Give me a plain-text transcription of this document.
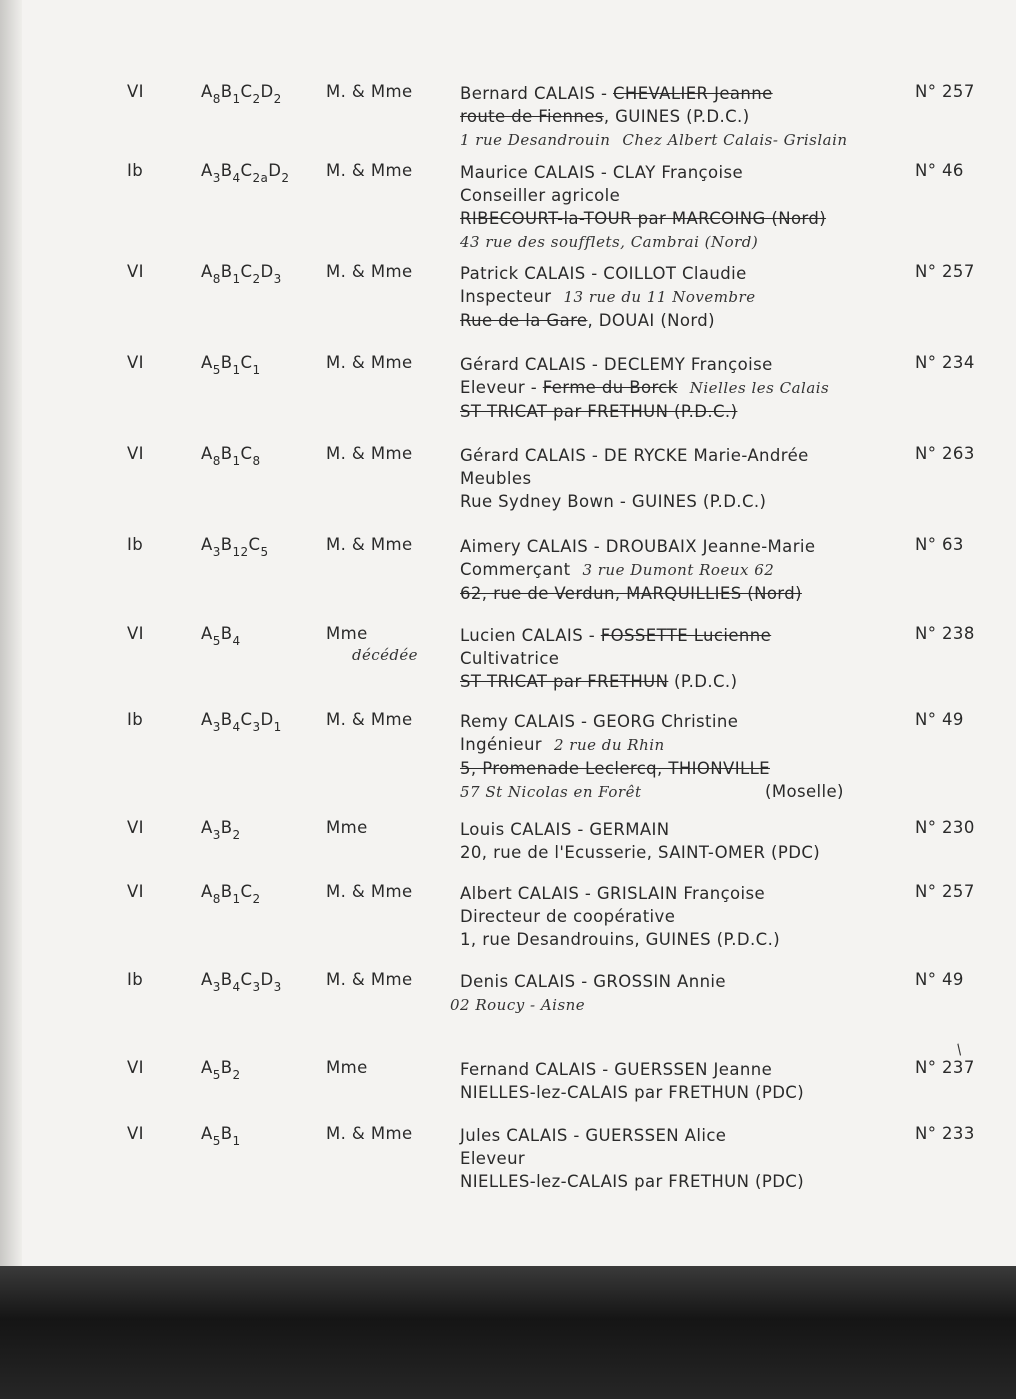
VI	$A_8B_1C_2D_2$	M. & Mme	Bernard CALAIS - CHEVALIER Jeanne
route de Fiennes, GUINES (P.D.C.)
1 rue Desandrouin Chez Albert Calais- Grislain
N° 257
Ib	$A_3B_4C_{2a}D_2$ M. & Mme	Maurice CALAIS - CLAY Françoise
Conseiller agricole
RIBECOURT-la-TOUR par MARCOING (Nord)
43 rue des soufflets, Cambrai (Nord)
N° 46
VI	$A_8B_1C_2D_3$	M. & Mme	Patrick CALAIS - COILLOT Claudie
Inspecteur 13 rue du 11 Novembre
Rue de la Gare, DOUAI (Nord)
N° 257
VI	$A_5B_1C_1$	M. & Mme	Gérard CALAIS - DECLEMY Françoise
Eleveur - Ferme du Borck Nielles les Calais
ST TRICAT par FRETHUN (P.D.C.)
N° 234
VI	$A_8B_1C_8$	M. & Mme	Gérard CALAIS - DE RYCKE Marie-Andrée
Meubles
Rue Sydney Bown - GUINES (P.D.C.)
N° 263
Ib	$A_3B_{12}C_5$	M. & Mme	Aimery CALAIS - DROUBAIX Jeanne-Marie
Commerçant 3 rue Dumont Roeux 62
62, rue de Verdun, MARQUILLIES (Nord)
N° 63
VI	$A_5B_4$	Mme
décédée
Lucien CALAIS - FOSSETTE Lucienne
Cultivatrice
ST TRICAT par FRETHUN (P.D.C.)
N° 238
Ib	$A_3B_4C_3D_1$	M. & Mme	Remy CALAIS - GEORG Christine
Ingénieur 2 rue du Rhin
5, Promenade Leclercq, THIONVILLE
57 St Nicolas en Forêt	(Moselle)
N° 49
VI	$A_3B_2$	Mme	Louis CALAIS - GERMAIN
20, rue de l'Ecusserie, SAINT-OMER (PDC)
N° 230
VI	$A_8B_1C_2$	M. & Mme	Albert CALAIS - GRISLAIN Françoise
Directeur de coopérative
1, rue Desandrouins, GUINES (P.D.C.)
N° 257
Ib	$A_3B_4C_3D_3$	M. & Mme	Denis CALAIS - GROSSIN Annie
02 Roucy - Aisne
N° 49
VI	$A_5B_2$	Mme	Fernand CALAIS - GUERSSEN Jeanne
NIELLES-lez-CALAIS par FRETHUN (PDC)
N° 237
VI	$A_5B_1$	M. & Mme	Jules CALAIS - GUERSSEN Alice
Eleveur
NIELLES-lez-CALAIS par FRETHUN (PDC)
N° 233
/
